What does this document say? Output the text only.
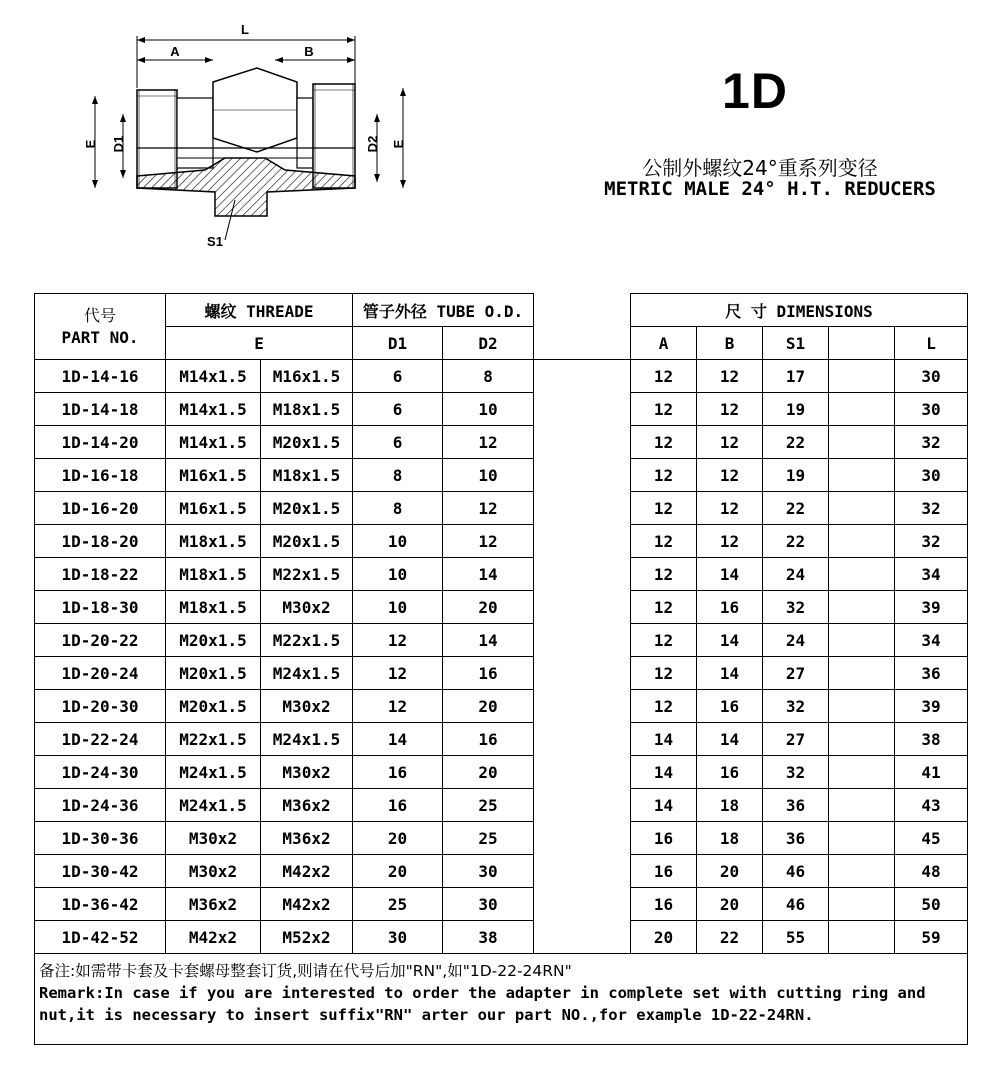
L
A	B
E D1	D2 E
S1
1D
公制外螺纹24°重系列变径
METRIC MALE 24° H.T. REDUCERS
代号
PART NO.	螺纹 THREADE		管子外径 TUBE O.D.			尺 寸 DIMENSIONS				
	E		D1	D2		A	B	S1		L
1D-14-16	M14x1.5	M16x1.5	6	8		12	12	17		30
1D-14-18	M14x1.5	M18x1.5	6	10		12	12	19		30
1D-14-20	M14x1.5	M20x1.5	6	12		12	12	22		32
1D-16-18	M16x1.5	M18x1.5	8	10		12	12	19		30
1D-16-20	M16x1.5	M20x1.5	8	12		12	12	22		32
1D-18-20	M18x1.5	M20x1.5	10	12		12	12	22		32
1D-18-22	M18x1.5	M22x1.5	10	14		12	14	24		34
1D-18-30	M18x1.5	M30x2	10	20		12	16	32		39
1D-20-22	M20x1.5	M22x1.5	12	14		12	14	24		34
1D-20-24	M20x1.5	M24x1.5	12	16		12	14	27		36
1D-20-30	M20x1.5	M30x2	12	20		12	16	32		39
1D-22-24	M22x1.5	M24x1.5	14	16		14	14	27		38
1D-24-30	M24x1.5	M30x2	16	20		14	16	32		41
1D-24-36	M24x1.5	M36x2	16	25		14	18	36		43
1D-30-36	M30x2	M36x2	20	25		16	18	36		45
1D-30-42	M30x2	M42x2	20	30		16	20	46		48
1D-36-42	M36x2	M42x2	25	30		16	20	46		50
1D-42-52	M42x2	M52x2	30	38		20	22	55		59

备注:如需带卡套及卡套螺母整套订货,则请在代号后加"RN",如"1D-22-24RN"
Remark:In case if you are interested to order the adapter in complete set with cutting ring and
nut,it is necessary to insert suffix"RN" arter our part NO.,for example 1D-22-24RN.										
